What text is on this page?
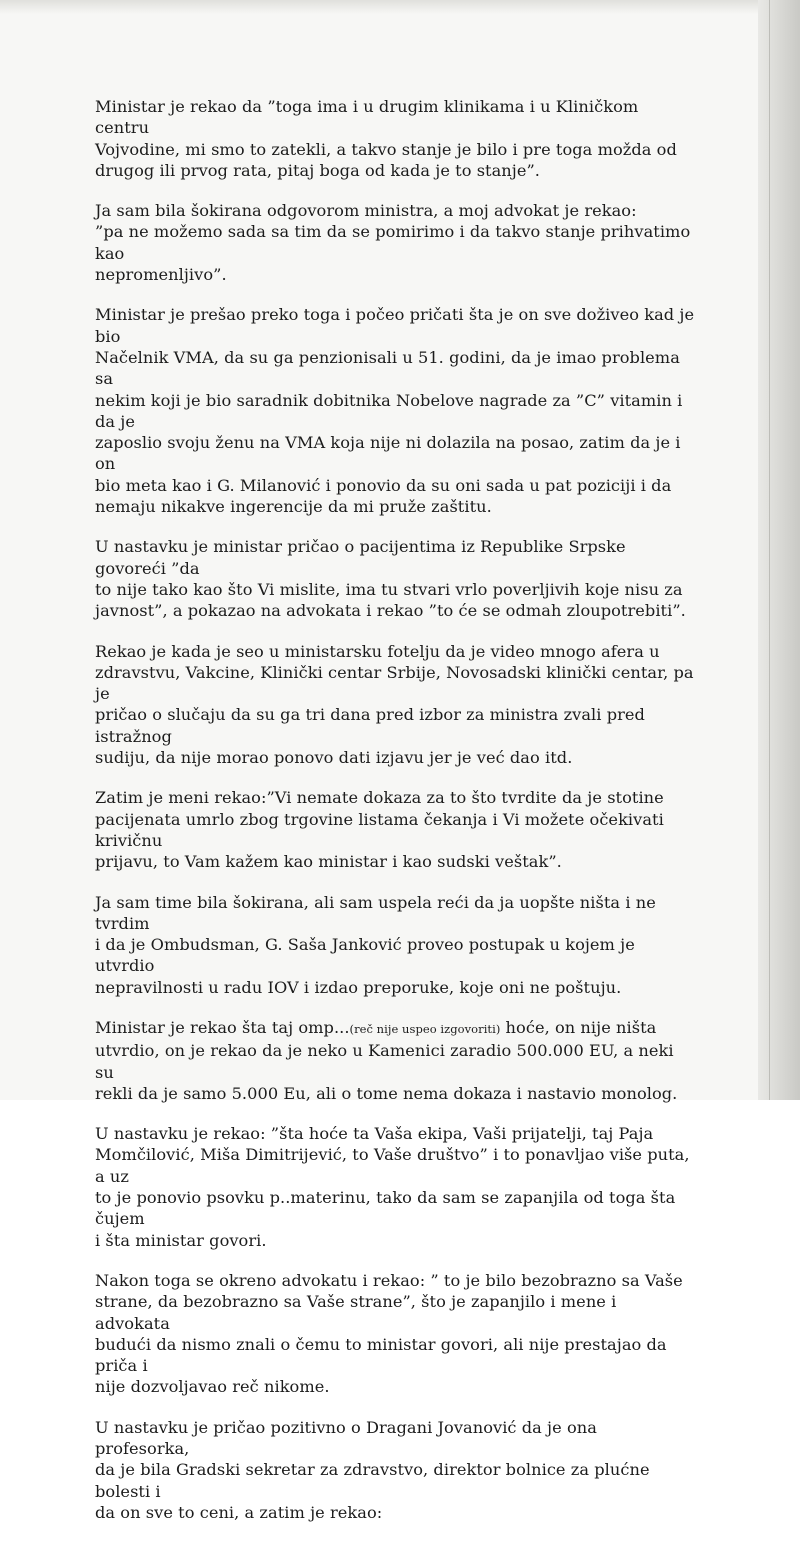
Ministar je rekao da ”toga ima i u drugim klinikama i u Kliničkom centru
Vojvodine, mi smo to zatekli, a takvo stanje je bilo i pre toga možda od
drugog ili prvog rata, pitaj boga od kada je to stanje”.

Ja sam bila šokirana odgovorom ministra, a moj advokat je rekao:
”pa ne možemo sada sa tim da se pomirimo i da takvo stanje prihvatimo kao
nepromenljivo”.

Ministar je prešao preko toga i počeo pričati šta je on sve doživeo kad je bio
Načelnik VMA, da su ga penzionisali u 51. godini, da je imao problema sa
nekim koji je bio saradnik dobitnika Nobelove nagrade za ”C” vitamin i da je
zaposlio svoju ženu na VMA koja nije ni dolazila na posao, zatim da je i on
bio meta kao i G. Milanović i ponovio da su oni sada u pat poziciji i da
nemaju nikakve ingerencije da mi pruže zaštitu.

U nastavku je ministar pričao o pacijentima iz Republike Srpske govoreći ”da
to nije tako kao što Vi mislite, ima tu stvari vrlo poverljivih koje nisu za
javnost”, a pokazao na advokata i rekao ”to će se odmah zloupotrebiti”.

Rekao je kada je seo u ministarsku fotelju da je video mnogo afera u
zdravstvu, Vakcine, Klinički centar Srbije, Novosadski klinički centar, pa je
pričao o slučaju da su ga tri dana pred izbor za ministra zvali pred istražnog
sudiju, da nije morao ponovo dati izjavu jer je već dao itd.

Zatim je meni rekao:”Vi nemate dokaza za to što tvrdite da je stotine
pacijenata umrlo zbog trgovine listama čekanja i Vi možete očekivati krivičnu
prijavu, to Vam kažem kao ministar i kao sudski veštak”.

Ja sam time bila šokirana, ali sam uspela reći da ja uopšte ništa i ne tvrdim
i da je Ombudsman, G. Saša Janković proveo postupak u kojem je utvrdio
nepravilnosti u radu IOV i izdao preporuke, koje oni ne poštuju.

Ministar je rekao šta taj omp...(reč nije uspeo izgovoriti) hoće, on nije ništa
utvrdio, on je rekao da je neko u Kamenici zaradio 500.000 EU, a neki su
rekli da je samo 5.000 Eu, ali o tome nema dokaza i nastavio monolog.

U nastavku je rekao: ”šta hoće ta Vaša ekipa, Vaši prijatelji, taj Paja
Momčilović, Miša Dimitrijević, to Vaše društvo” i to ponavljao više puta, a uz
to je ponovio psovku p..materinu, tako da sam se zapanjila od toga šta čujem
i šta ministar govori.

Nakon toga se okreno advokatu i rekao: ” to je bilo bezobrazno sa Vaše
strane, da bezobrazno sa Vaše strane”, što je zapanjilo i mene i advokata
budući da nismo znali o čemu to ministar govori, ali nije prestajao da priča i
nije dozvoljavao reč nikome.

U nastavku je pričao pozitivno o Dragani Jovanović da je ona profesorka,
da je bila Gradski sekretar za zdravstvo, direktor bolnice za plućne bolesti i
da on sve to ceni, a zatim je rekao:
